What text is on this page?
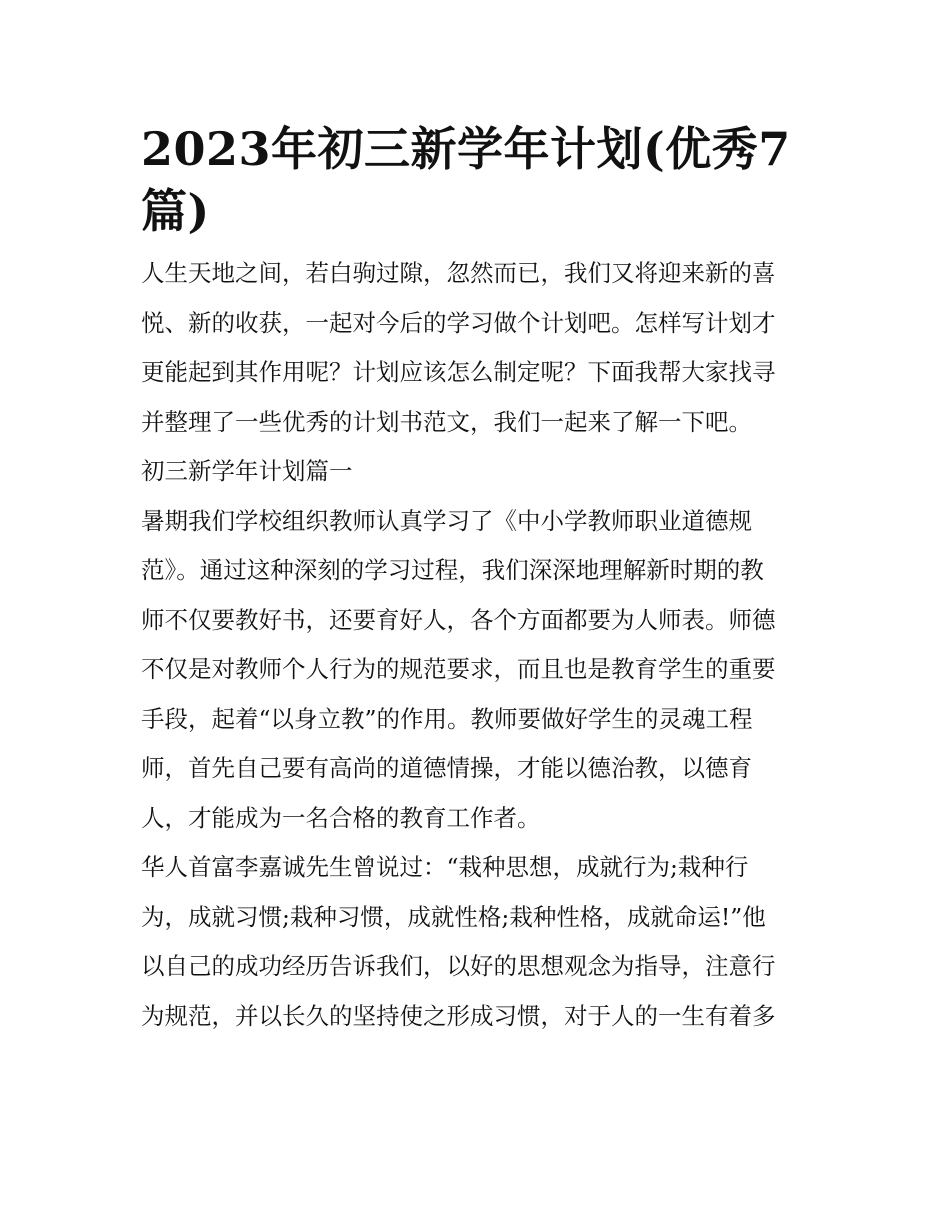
2023年初三新学年计划(优秀7
篇)

人生天地之间，若白驹过隙，忽然而已，我们又将迎来新的喜
悦、新的收获，一起对今后的学习做个计划吧。怎样写计划才
更能起到其作用呢？计划应该怎么制定呢？下面我帮大家找寻
并整理了一些优秀的计划书范文，我们一起来了解一下吧。

初三新学年计划篇一

暑期我们学校组织教师认真学习了《中小学教师职业道德规
范》。通过这种深刻的学习过程，我们深深地理解新时期的教
师不仅要教好书，还要育好人，各个方面都要为人师表。师德
不仅是对教师个人行为的规范要求，而且也是教育学生的重要
手段，起着“以身立教”的作用。教师要做好学生的灵魂工程
师，首先自己要有高尚的道德情操，才能以德治教，以德育
人，才能成为一名合格的教育工作者。

华人首富李嘉诚先生曾说过：“栽种思想，成就行为;栽种行
为，成就习惯;栽种习惯，成就性格;栽种性格，成就命运!”他
以自己的成功经历告诉我们，以好的思想观念为指导，注意行
为规范，并以长久的坚持使之形成习惯，对于人的一生有着多
